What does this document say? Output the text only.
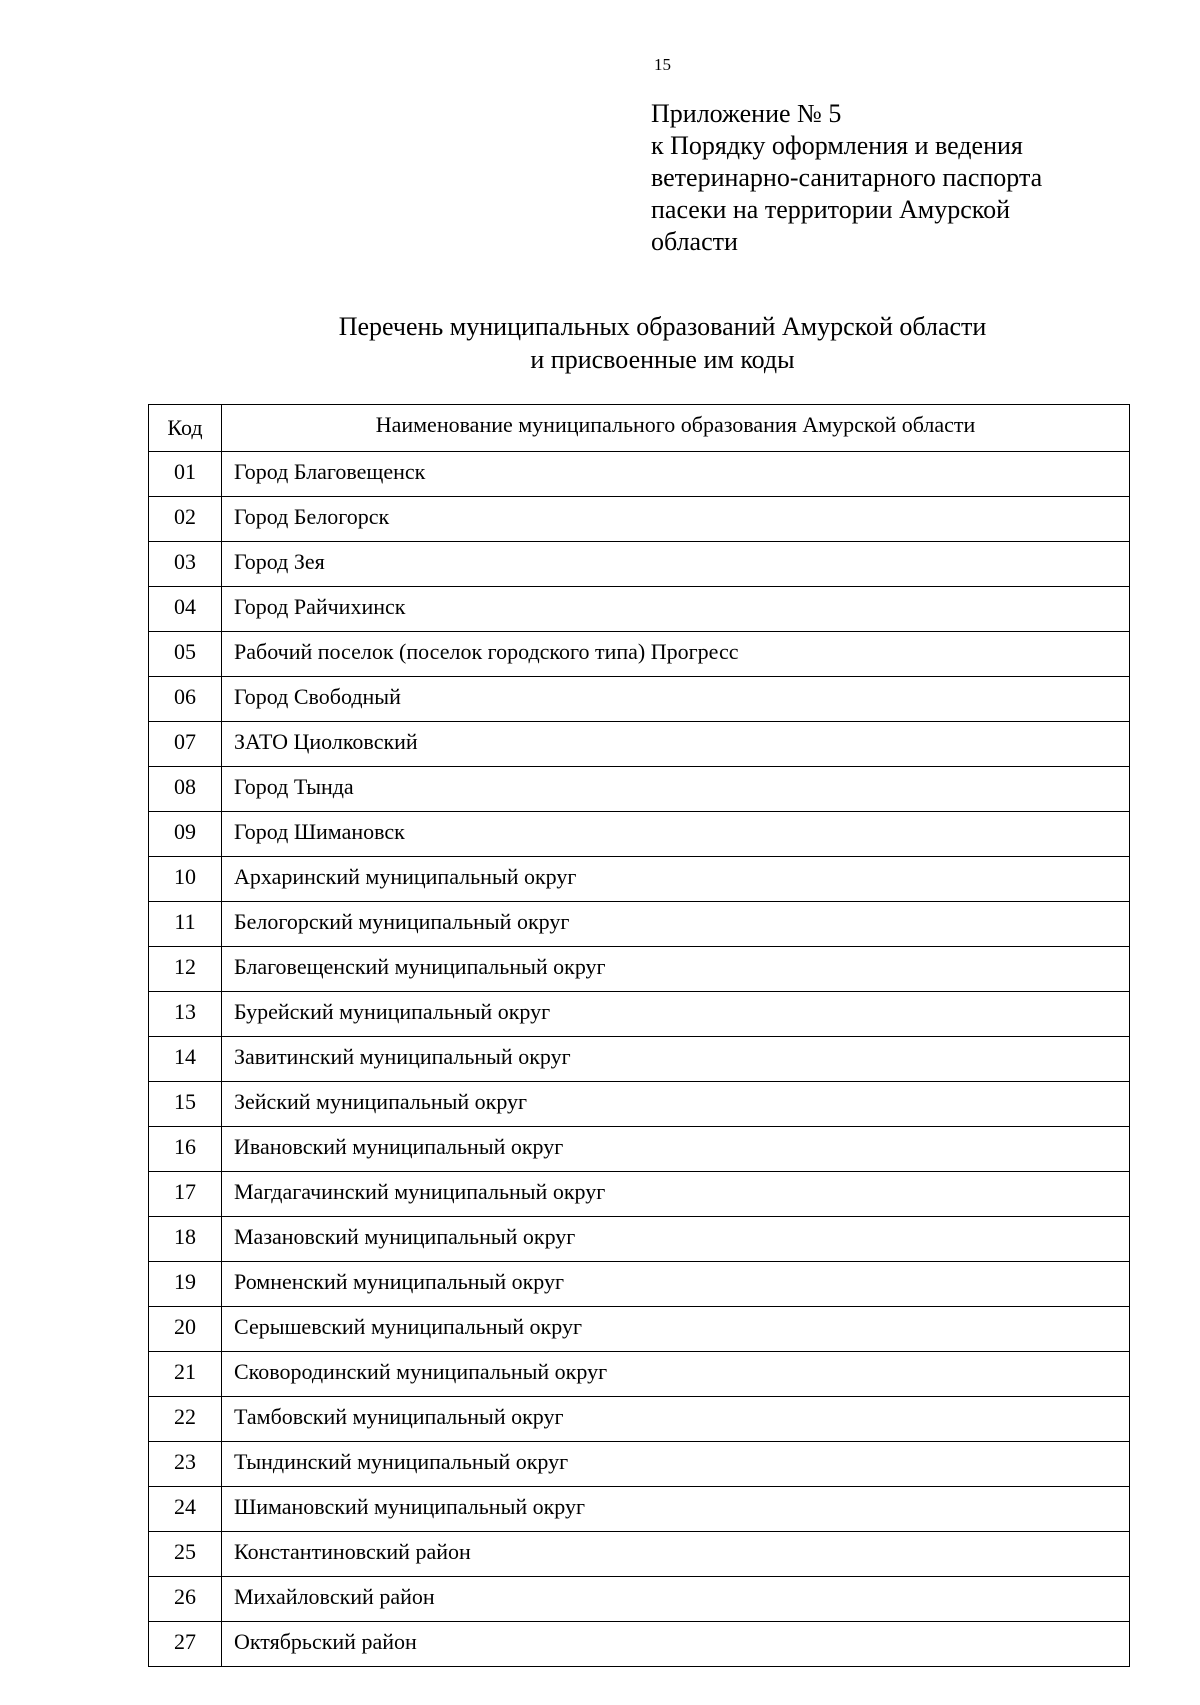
15
Приложение № 5
к Порядку оформления и ведения
ветеринарно-санитарного паспорта
пасеки на территории Амурской
области
Перечень муниципальных образований Амурской области
и присвоенные им коды
Код	Наименование муниципального образования Амурской области
01	Город Благовещенск
02	Город Белогорск
03	Город Зея
04	Город Райчихинск
05	Рабочий поселок (поселок городского типа) Прогресс
06	Город Свободный
07	ЗАТО Циолковский
08	Город Тында
09	Город Шимановск
10	Архаринский муниципальный округ
11	Белогорский муниципальный округ
12	Благовещенский муниципальный округ
13	Бурейский муниципальный округ
14	Завитинский муниципальный округ
15	Зейский муниципальный округ
16	Ивановский муниципальный округ
17	Магдагачинский муниципальный округ
18	Мазановский муниципальный округ
19	Ромненский муниципальный округ
20	Серышевский муниципальный округ
21	Сковородинский муниципальный округ
22	Тамбовский муниципальный округ
23	Тындинский муниципальный округ
24	Шимановский муниципальный округ
25	Константиновский район
26	Михайловский район
27	Октябрьский район
